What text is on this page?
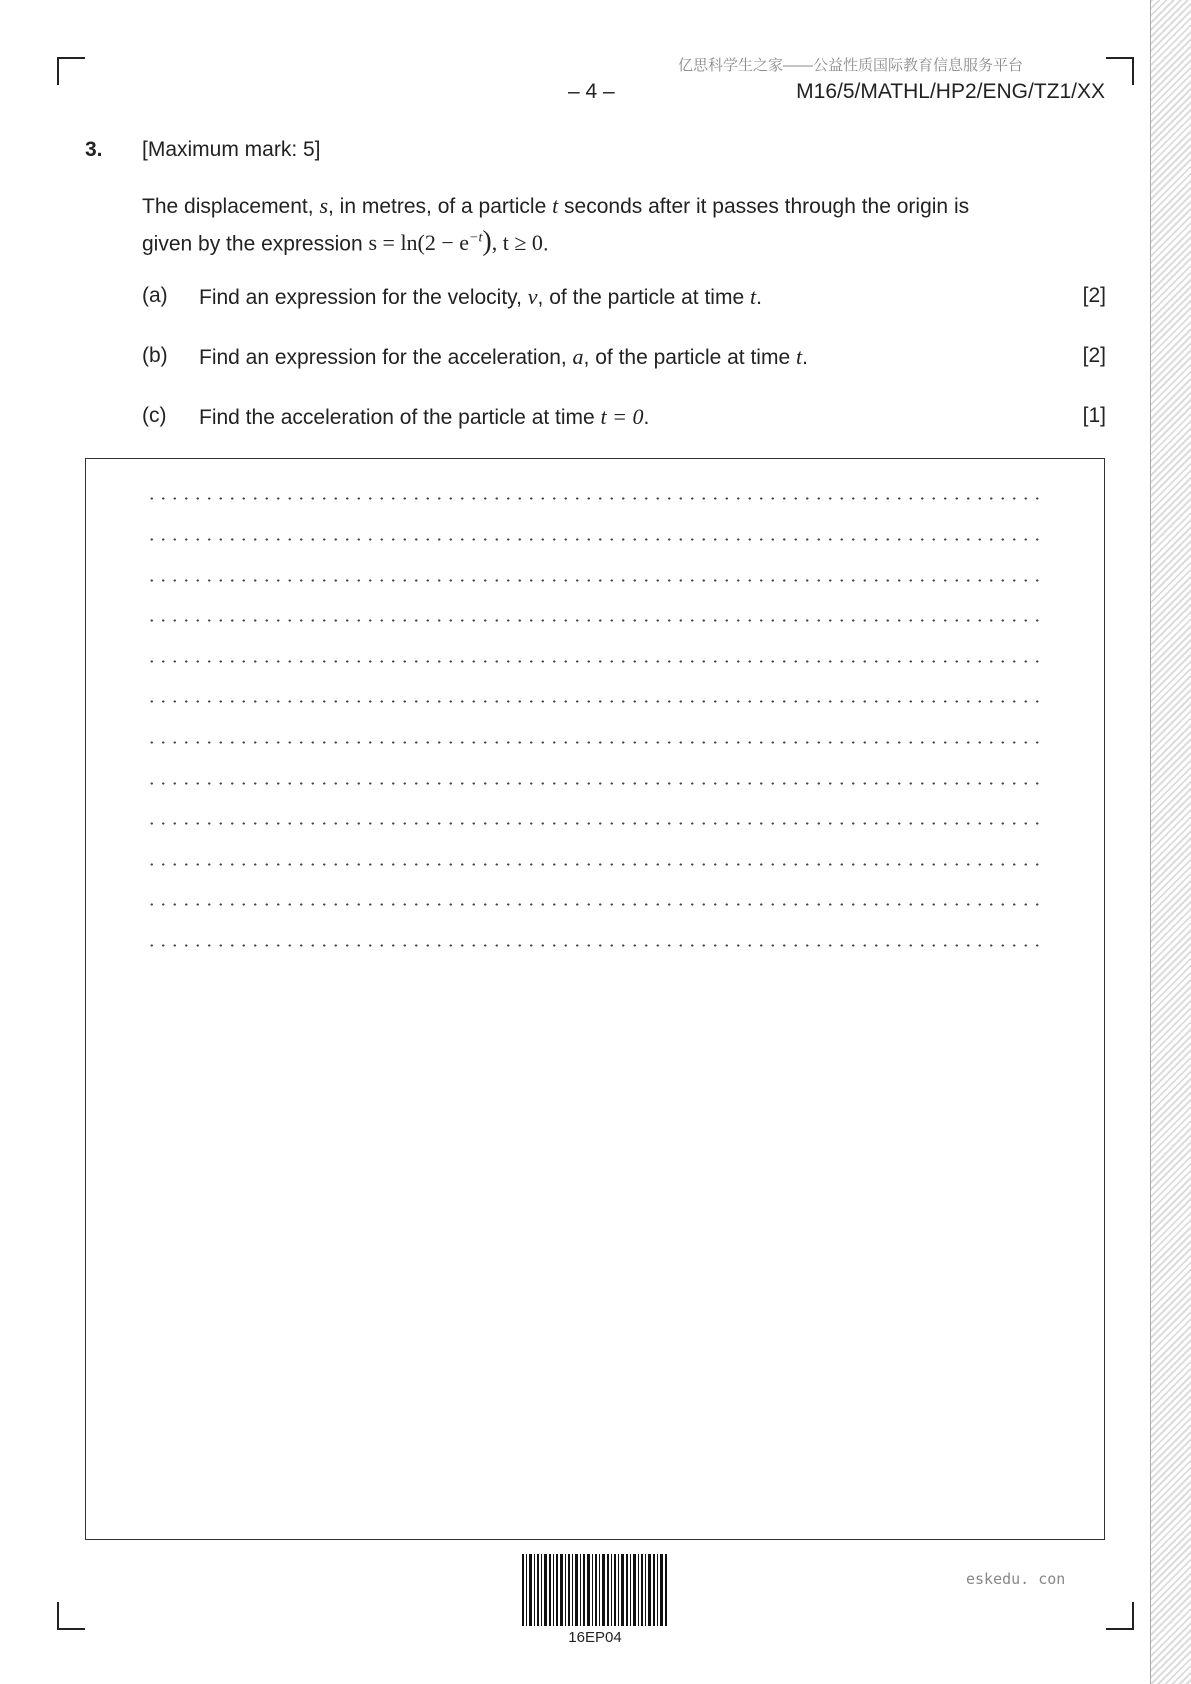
亿思科学生之家——公益性质国际教育信息服务平台
– 4 –	M16/5/MATHL/HP2/ENG/TZ1/XX
3. [Maximum mark: 5]
The displacement, s, in metres, of a particle t seconds after it passes through the origin is
given by the expression $s = \ln(2 - e^{-t})$, t ≥ 0.
(a) Find an expression for the velocity, v, of the particle at time t.	[2]
(b) Find an expression for the acceleration, a, of the particle at time t.	[2]
(c) Find the acceleration of the particle at time t = 0.	[1]
16EP04
eskedu. con
